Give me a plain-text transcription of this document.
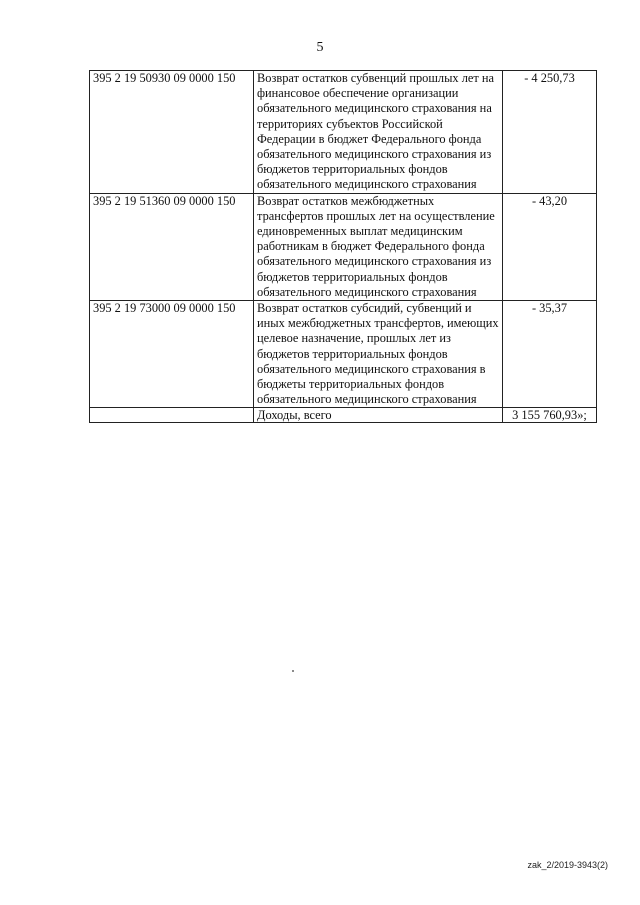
5
395 2 19 50930 09 0000 150	Возврат остатков субвенций прошлых лет на финансовое обеспечение организации обязательного медицинского страхования на территориях субъектов Российской Федерации в бюджет Федерального фонда обязательного медицинского страхования из бюджетов территориальных фондов обязательного медицинского страхования	- 4 250,73
395 2 19 51360 09 0000 150	Возврат остатков межбюджетных трансфертов прошлых лет на осуществление единовременных выплат медицинским работникам в бюджет Федерального фонда обязательного медицинского страхования из бюджетов территориальных фондов обязательного медицинского страхования	- 43,20
395 2 19 73000 09 0000 150	Возврат остатков субсидий, субвенций и иных межбюджетных трансфертов, имеющих целевое назначение, прошлых лет из бюджетов территориальных фондов обязательного медицинского страхования в бюджеты территориальных фондов обязательного медицинского страхования	- 35,37
	Доходы, всего	3 155 760,93»;
zak_2/2019-3943(2)
